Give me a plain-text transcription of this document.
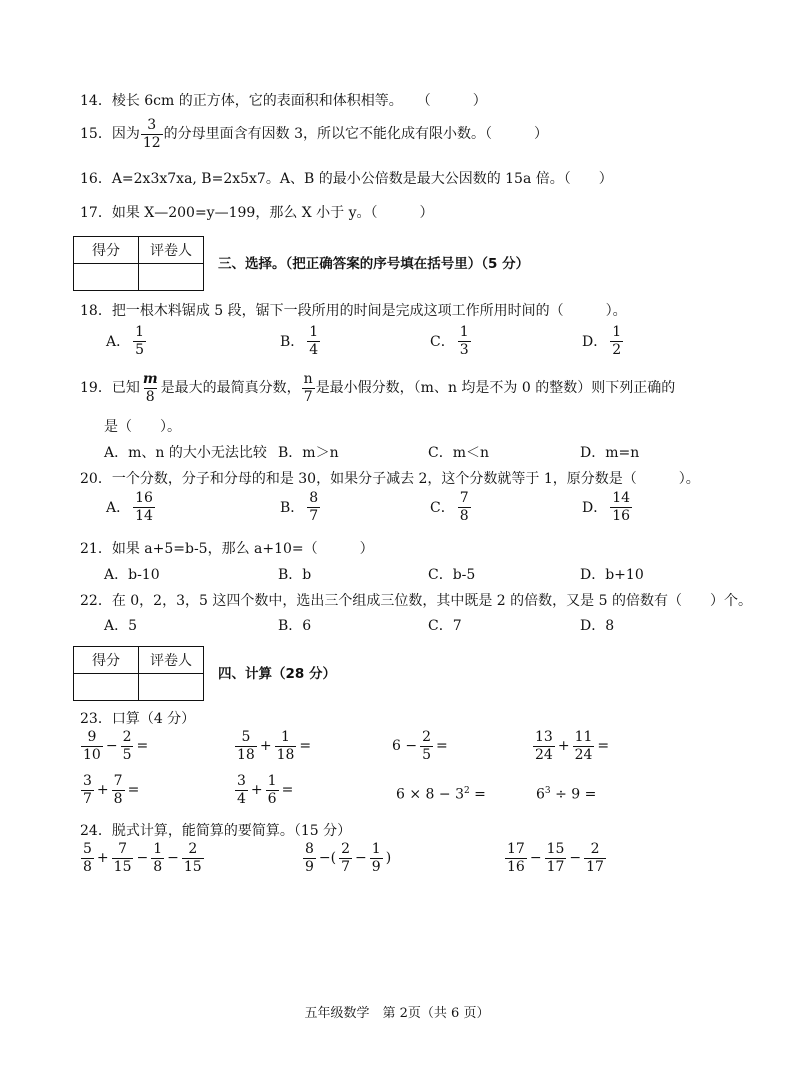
14．棱长 6cm 的正方体，它的表面积和体积相等。　　（　　　）
15．因为 $\frac{3}{12}$ 的分母里面含有因数 3，所以它不能化成有限小数。（　　　）
16．A=2x3x7xa, B=2x5x7。A、B 的最小公倍数是最大公因数的 15a 倍。（　　）
17．如果 X—200=y—199，那么 X 小于 y。（　　　）
得分	评卷人

三、选择。（把正确答案的序号填在括号里）（5 分）
18．把一根木料锯成 5 段，锯下一段所用的时间是完成这项工作所用时间的（　　　）。
A． $\frac{1}{5}$	B． $\frac{1}{4}$	C． $\frac{1}{3}$	D． $\frac{1}{2}$
19．已知 $\frac{m}{8}$ 是最大的最简真分数， $\frac{n}{7}$ 是最小假分数，（m、n 均是不为 0 的整数）则下列正确的
是（　　）。
A．m、n 的大小无法比较 B．m＞n	C．m＜n	D．m=n
20．一个分数，分子和分母的和是 30，如果分子减去 2，这个分数就等于 1，原分数是（　　　）。
A． $\frac{16}{14}$	B． $\frac{8}{7}$	C． $\frac{7}{8}$	D． $\frac{14}{16}$
21．如果 a+5=b-5，那么 a+10=（　　　）
A．b-10	B．b	C．b-5	D．b+10
22．在 0，2，3，5 这四个数中，选出三个组成三位数，其中既是 2 的倍数，又是 5 的倍数有（　　）个。
A．5	B．6	C．7	D．8
得分	评卷人

四、计算（28 分）
23．口算（4 分）
$\frac{9}{10} - \frac{2}{5}$ =	$\frac{5}{18} + \frac{1}{18}$ =	$6 - \frac{2}{5}$ =	$\frac{13}{24} + \frac{11}{24}$ =
$\frac{3}{7} + \frac{7}{8}$ =	$\frac{3}{4} + \frac{1}{6}$ =	$6 \times 8 - 3^2$ =	$6^3 \div 9$ =
24．脱式计算，能简算的要简算。（15 分）
$\frac{5}{8} + \frac{7}{15} - \frac{1}{8} - \frac{2}{15}$	$\frac{8}{9}$ −( $\frac{2}{7} - \frac{1}{9}$ )	$\frac{17}{16} - \frac{15}{17} - \frac{2}{17}$
五年级数学　第 2页（共 6 页）
